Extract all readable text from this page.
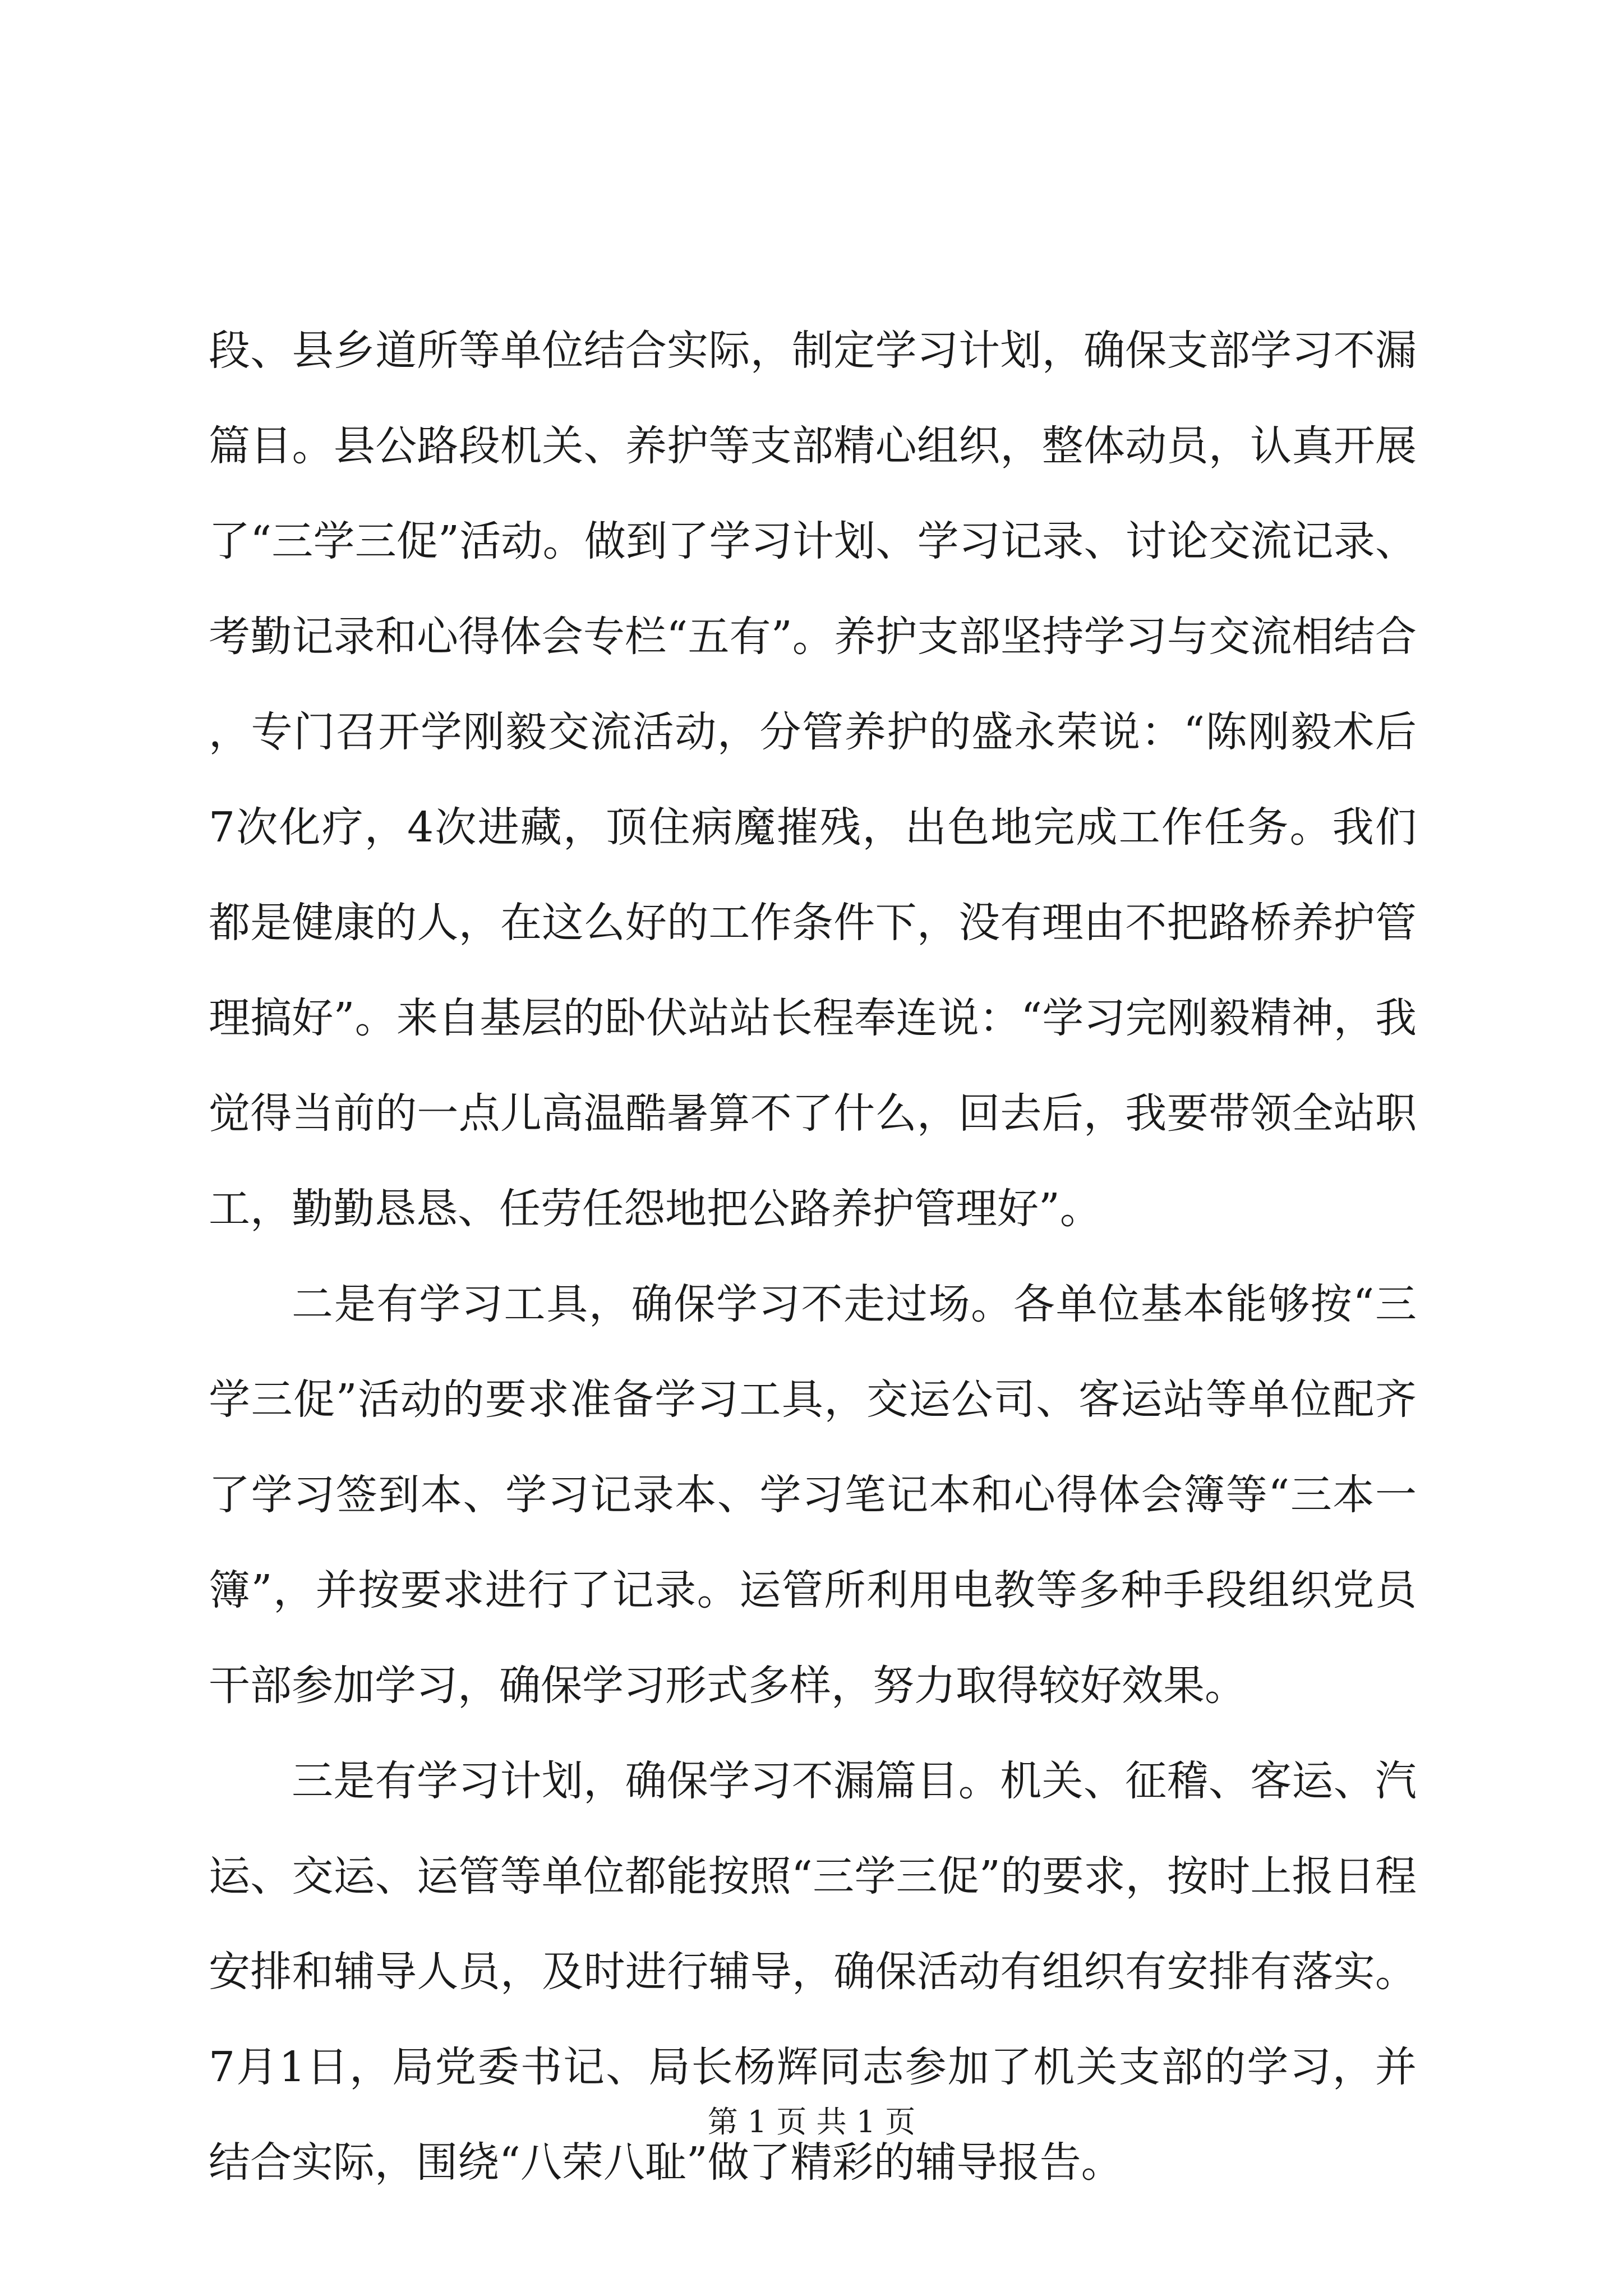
段、县乡道所等单位结合实际，制定学习计划，确保支部学习不漏篇目。县公路段机关、养护等支部精心组织，整体动员，认真开展了“三学三促”活动。做到了学习计划、学习记录、讨论交流记录、考勤记录和心得体会专栏“五有”。养护支部坚持学习与交流相结合，专门召开学刚毅交流活动，分管养护的盛永荣说：“陈刚毅术后7次化疗，4次进藏，顶住病魔摧残，出色地完成工作任务。我们都是健康的人，在这么好的工作条件下，没有理由不把路桥养护管理搞好”。来自基层的卧伏站站长程奉连说：“学习完刚毅精神，我觉得当前的一点儿高温酷暑算不了什么，回去后，我要带领全站职工，勤勤恳恳、任劳任怨地把公路养护管理好”。

二是有学习工具，确保学习不走过场。各单位基本能够按“三学三促”活动的要求准备学习工具，交运公司、客运站等单位配齐了学习签到本、学习记录本、学习笔记本和心得体会簿等“三本一簿”，并按要求进行了记录。运管所利用电教等多种手段组织党员干部参加学习，确保学习形式多样，努力取得较好效果。

三是有学习计划，确保学习不漏篇目。机关、征稽、客运、汽运、交运、运管等单位都能按照“三学三促”的要求，按时上报日程安排和辅导人员，及时进行辅导，确保活动有组织有安排有落实。7月1日，局党委书记、局长杨辉同志参加了机关支部的学习，并结合实际，围绕“八荣八耻”做了精彩的辅导报告。

第 1 页 共 1 页
